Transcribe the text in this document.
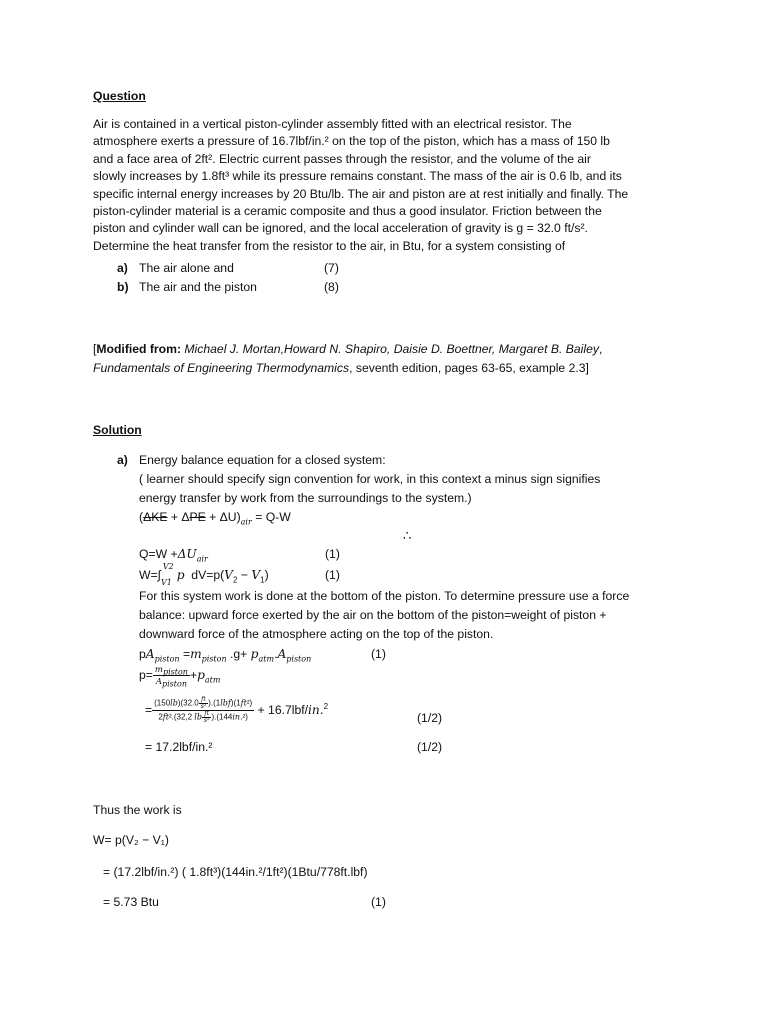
Question

Air is contained in a vertical piston-cylinder assembly fitted with an electrical resistor. The

atmosphere exerts a pressure of 16.7lbf/in.² on the top of the piston, which has a mass of 150 lb

and a face area of 2ft². Electric current passes through the resistor, and the volume of the air

slowly increases by 1.8ft³ while its pressure remains constant. The mass of the air is 0.6 lb, and its

specific internal energy increases by 20 Btu/lb. The air and piston are at rest initially and finally. The

piston-cylinder material is a ceramic composite and thus a good insulator. Friction between the

piston and cylinder wall can be ignored, and the local acceleration of gravity is g = 32.0 ft/s².

Determine the heat transfer from the resistor to the air, in Btu, for a system consisting of

a) The air alone and	(7)
b) The air and the piston	(8)
[Modified from: Michael J. Mortan,Howard N. Shapiro, Daisie D. Boettner, Margaret B. Bailey,
Fundamentals of Engineering Thermodynamics, seventh edition, pages 63-65, example 2.3]
Solution
a) Energy balance equation for a closed system:
( learner should specify sign convention for work, in this context a minus sign signifies
energy transfer by work from the surroundings to the system.)
$(\Delta KE + \Delta PE + \Delta U)_{air} = Q-W$
∴
$Q=W +\Delta U_{air}$	(1)
$W=\int_{V1}^{V2}p$  $dV=p(V_2 - V_1)$	(1)
For this system work is done at the bottom of the piston. To determine pressure use a force
balance: upward force exerted by the air on the bottom of the piston=weight of piston +
downward force of the atmosphere acting on the top of the piston.
$pA_{piston} =m_{piston}$ $.g+ p_{atm}.A_{piston}$	(1)
$p= \frac{m_{piston}}{A_{piston}} +p_{atm}$
= $\frac{(150lb)(32.0 \frac{ft}{\text{s²}} ).(1lbf)(1ft^2)}{2ft^2.(32,2 lb \frac{ft}{\text{s²}} ).(144in.^2)} + 16.7lbf/in.^2$
(1/2)
= 17.2lbf/in.²	(1/2)
Thus the work is
W= p(V₂ − V₁)
= (17.2lbf/in.²) ( 1.8ft³)(144in.²/1ft²)(1Btu/778ft.lbf)
= 5.73 Btu	(1)
